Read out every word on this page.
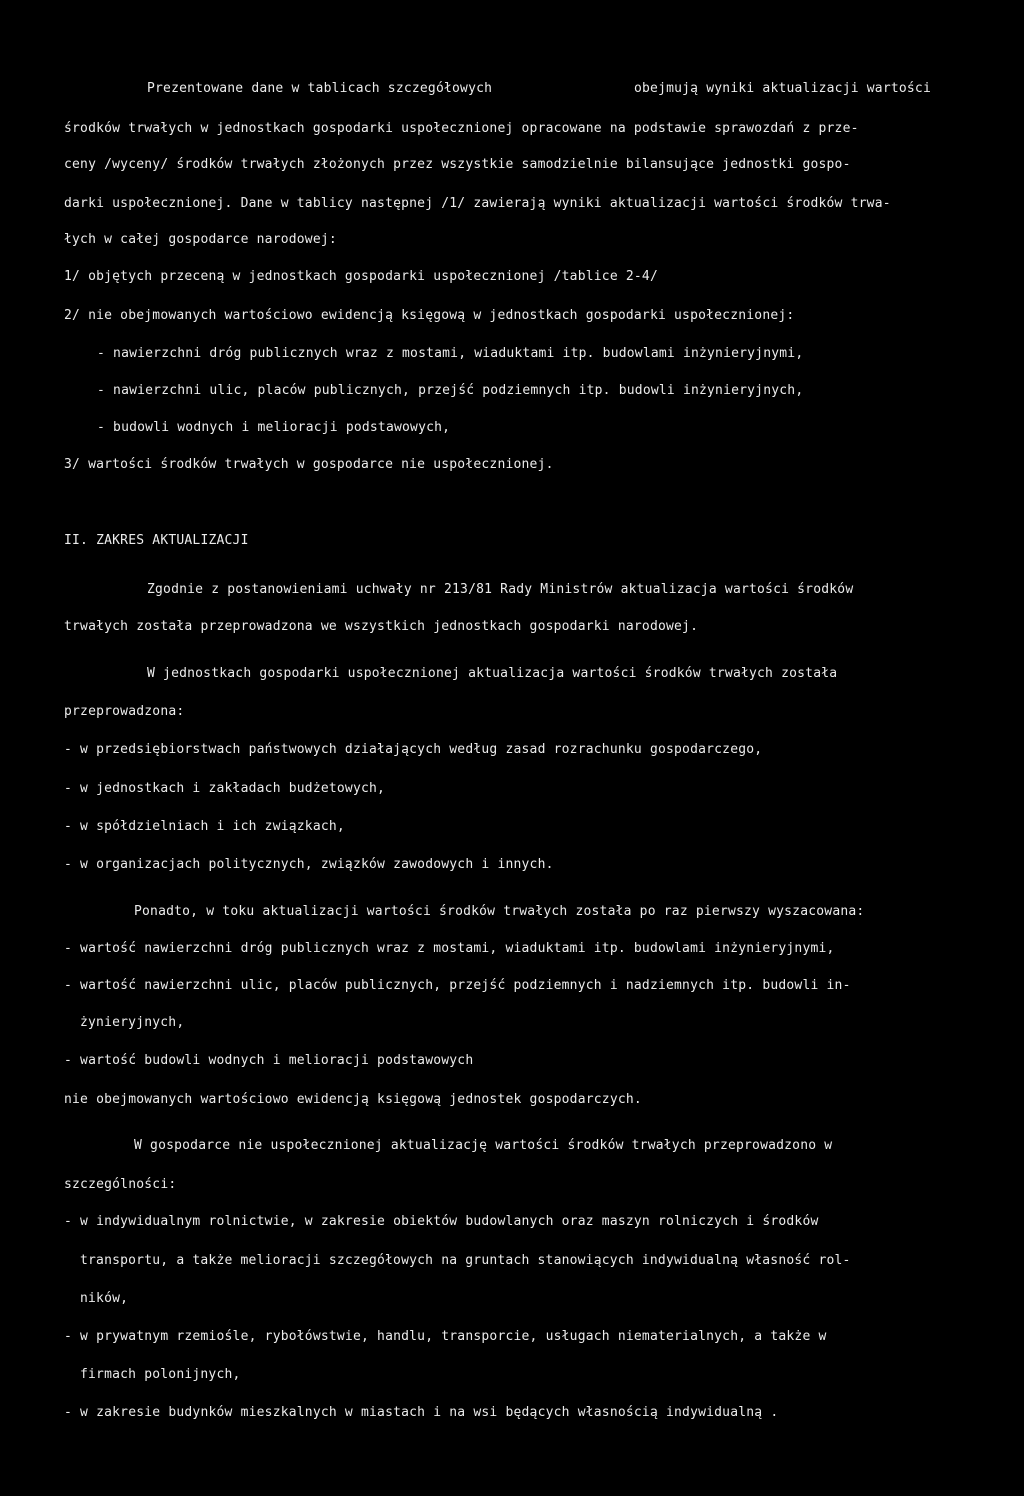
Prezentowane dane w tablicach szczegółowych	obejmują wyniki aktualizacji wartości
środków trwałych w jednostkach gospodarki uspołecznionej opracowane na podstawie sprawozdań z prze-
ceny /wyceny/ środków trwałych złożonych przez wszystkie samodzielnie bilansujące jednostki gospo-
darki uspołecznionej. Dane w tablicy następnej /1/ zawierają wyniki aktualizacji wartości środków trwa-
łych w całej gospodarce narodowej:
1/ objętych przeceną w jednostkach gospodarki uspołecznionej /tablice 2-4/
2/ nie obejmowanych wartościowo ewidencją księgową w jednostkach gospodarki uspołecznionej:
- nawierzchni dróg publicznych wraz z mostami, wiaduktami itp. budowlami inżynieryjnymi,
- nawierzchni ulic, placów publicznych, przejść podziemnych itp. budowli inżynieryjnych,
- budowli wodnych i melioracji podstawowych,
3/ wartości środków trwałych w gospodarce nie uspołecznionej.
II. ZAKRES AKTUALIZACJI
Zgodnie z postanowieniami uchwały nr 213/81 Rady Ministrów aktualizacja wartości środków
trwałych została przeprowadzona we wszystkich jednostkach gospodarki narodowej.
W jednostkach gospodarki uspołecznionej aktualizacja wartości środków trwałych została
przeprowadzona:
- w przedsiębiorstwach państwowych działających według zasad rozrachunku gospodarczego,
- w jednostkach i zakładach budżetowych,
- w spółdzielniach i ich związkach,
- w organizacjach politycznych, związków zawodowych i innych.
Ponadto, w toku aktualizacji wartości środków trwałych została po raz pierwszy wyszacowana:
- wartość nawierzchni dróg publicznych wraz z mostami, wiaduktami itp. budowlami inżynieryjnymi,
- wartość nawierzchni ulic, placów publicznych, przejść podziemnych i nadziemnych itp. budowli in-
żynieryjnych,
- wartość budowli wodnych i melioracji podstawowych
nie obejmowanych wartościowo ewidencją księgową jednostek gospodarczych.
W gospodarce nie uspołecznionej aktualizację wartości środków trwałych przeprowadzono w
szczególności:
- w indywidualnym rolnictwie, w zakresie obiektów budowlanych oraz maszyn rolniczych i środków
transportu, a także melioracji szczegółowych na gruntach stanowiących indywidualną własność rol-
ników,
- w prywatnym rzemiośle, rybołówstwie, handlu, transporcie, usługach niematerialnych, a także w
firmach polonijnych,
- w zakresie budynków mieszkalnych w miastach i na wsi będących własnością indywidualną .
